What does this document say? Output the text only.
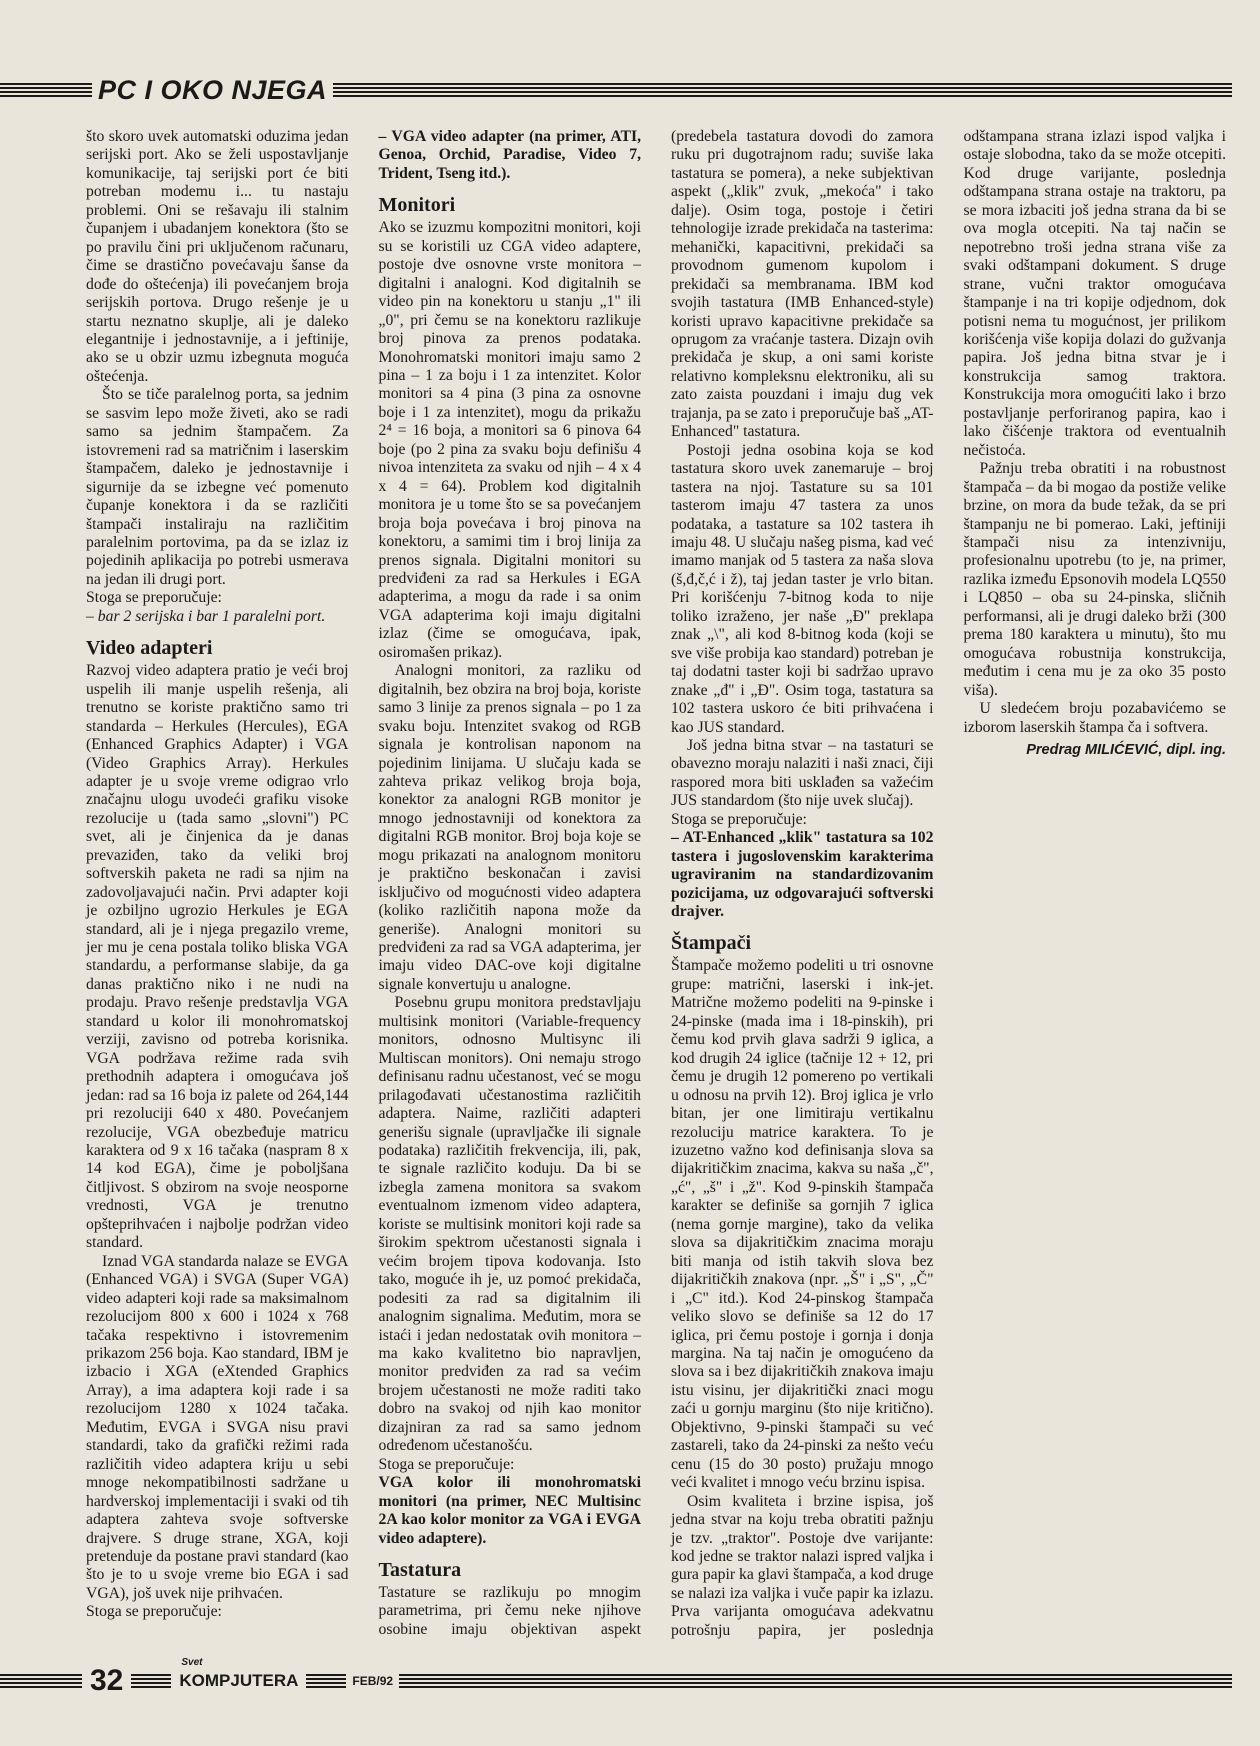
PC I OKO NJEGA

što skoro uvek automatski oduzima jedan serijski port. Ako se želi uspostavljanje komunikacije, taj serijski port će biti potreban modemu i... tu nastaju problemi. Oni se rešavaju ili stalnim čupanjem i ubadanjem konektora (što se po pravilu čini pri uključenom računaru, čime se drastično povećavaju šanse da dođe do oštećenja) ili povećanjem broja serijskih portova. Drugo rešenje je u startu neznatno skuplje, ali je daleko elegantnije i jednostavnije, a i jeftinije, ako se u obzir uzmu izbegnuta moguća oštećenja.

Što se tiče paralelnog porta, sa jednim se sasvim lepo može živeti, ako se radi samo sa jednim štampačem. Za istovremeni rad sa matričnim i laserskim štampačem, daleko je jednostavnije i sigurnije da se izbegne već pomenuto čupanje konektora i da se različiti štampači instaliraju na različitim paralelnim portovima, pa da se izlaz iz pojedinih aplikacija po potrebi usmerava na jedan ili drugi port.

Stoga se preporučuje:

– bar 2 serijska i bar 1 paralelni port.

Video adapteri

Razvoj video adaptera pratio je veći broj uspelih ili manje uspelih rešenja, ali trenutno se koriste praktično samo tri standarda – Herkules (Hercules), EGA (Enhanced Graphics Adapter) i VGA (Video Graphics Array). Herkules adapter je u svoje vreme odigrao vrlo značajnu ulogu uvodeći grafiku visoke rezolucije u (tada samo „slovni") PC svet, ali je činjenica da je danas prevaziđen, tako da veliki broj softverskih paketa ne radi sa njim na zadovoljavajući način. Prvi adapter koji je ozbiljno ugrozio Herkules je EGA standard, ali je i njega pregazilo vreme, jer mu je cena postala toliko bliska VGA standardu, a performanse slabije, da ga danas praktično niko i ne nudi na prodaju. Pravo rešenje predstavlja VGA standard u kolor ili monohromatskoj verziji, zavisno od potreba korisnika. VGA podržava režime rada svih prethodnih adaptera i omogućava još jedan: rad sa 16 boja iz palete od 264,144 pri rezoluciji 640 x 480. Povećanjem rezolucije, VGA obezbeđuje matricu karaktera od 9 x 16 tačaka (naspram 8 x 14 kod EGA), čime je poboljšana čitljivost. S obzirom na svoje neosporne vrednosti, VGA je trenutno opšteprihvaćen i najbolje podržan video standard.

Iznad VGA standarda nalaze se EVGA (Enhanced VGA) i SVGA (Super VGA) video adapteri koji rade sa maksimalnom rezolucijom 800 x 600 i 1024 x 768 tačaka respektivno i istovremenim prikazom 256 boja. Kao standard, IBM je izbacio i XGA (eXtended Graphics Array), a ima adaptera koji rade i sa rezolucijom 1280 x 1024 tačaka. Međutim, EVGA i SVGA nisu pravi standardi, tako da grafički režimi rada različitih video adaptera kriju u sebi mnoge nekompatibilnosti sadržane u hardverskoj implementaciji i svaki od tih adaptera zahteva svoje softverske drajvere. S druge strane, XGA, koji pretenduje da postane pravi standard (kao što je to u svoje vreme bio EGA i sad VGA), još uvek nije prihvaćen.

Stoga se preporučuje:

– VGA video adapter (na primer, ATI, Genoa, Orchid, Paradise, Video 7, Trident, Tseng itd.).

Monitori

Ako se izuzmu kompozitni monitori, koji su se koristili uz CGA video adaptere, postoje dve osnovne vrste monitora – digitalni i analogni. Kod digitalnih se video pin na konektoru u stanju „1" ili „0", pri čemu se na konektoru razlikuje broj pinova za prenos podataka. Monohromatski monitori imaju samo 2 pina – 1 za boju i 1 za intenzitet. Kolor monitori sa 4 pina (3 pina za osnovne boje i 1 za intenzitet), mogu da prikažu 2⁴ = 16 boja, a monitori sa 6 pinova 64 boje (po 2 pina za svaku boju definišu 4 nivoa intenziteta za svaku od njih – 4 x 4 x 4 = 64). Problem kod digitalnih monitora je u tome što se sa povećanjem broja boja povećava i broj pinova na konektoru, a samimi tim i broj linija za prenos signala. Digitalni monitori su predviđeni za rad sa Herkules i EGA adapterima, a mogu da rade i sa onim VGA adapterima koji imaju digitalni izlaz (čime se omogućava, ipak, osiromašen prikaz).

Analogni monitori, za razliku od digitalnih, bez obzira na broj boja, koriste samo 3 linije za prenos signala – po 1 za svaku boju. Intenzitet svakog od RGB signala je kontrolisan naponom na pojedinim linijama. U slučaju kada se zahteva prikaz velikog broja boja, konektor za analogni RGB monitor je mnogo jednostavniji od konektora za digitalni RGB monitor. Broj boja koje se mogu prikazati na analognom monitoru je praktično beskonačan i zavisi isključivo od mogućnosti video adaptera (koliko različitih napona može da generiše). Analogni monitori su predviđeni za rad sa VGA adapterima, jer imaju video DAC-ove koji digitalne signale konvertuju u analogne.

Posebnu grupu monitora predstavljaju multisink monitori (Variable-frequency monitors, odnosno Multisync ili Multiscan monitors). Oni nemaju strogo definisanu radnu učestanost, već se mogu prilagođavati učestanostima različitih adaptera. Naime, različiti adapteri generišu signale (upravljačke ili signale podataka) različitih frekvencija, ili, pak, te signale različito koduju. Da bi se izbegla zamena monitora sa svakom eventualnom izmenom video adaptera, koriste se multisink monitori koji rade sa širokim spektrom učestanosti signala i većim brojem tipova kodovanja. Isto tako, moguće ih je, uz pomoć prekidača, podesiti za rad sa digitalnim ili analognim signalima. Međutim, mora se istaći i jedan nedostatak ovih monitora – ma kako kvalitetno bio napravljen, monitor predviđen za rad sa većim brojem učestanosti ne može raditi tako dobro na svakoj od njih kao monitor dizajniran za rad sa samo jednom određenom učestanošću.

Stoga se preporučuje:

VGA kolor ili monohromatski monitori (na primer, NEC Multisinc 2A kao kolor monitor za VGA i EVGA video adaptere).

Tastatura

Tastature se razlikuju po mnogim parametrima, pri čemu neke njihove osobine imaju objektivan aspekt (predebela tastatura dovodi do zamora ruku pri dugotrajnom radu; suviše laka tastatura se pomera), a neke subjektivan aspekt („klik" zvuk, „mekoća" i tako dalje). Osim toga, postoje i četiri tehnologije izrade prekidača na tasterima: mehanički, kapacitivni, prekidači sa provodnom gumenom kupolom i prekidači sa membranama. IBM kod svojih tastatura (IMB Enhanced-style) koristi upravo kapacitivne prekidače sa oprugom za vraćanje tastera. Dizajn ovih prekidača je skup, a oni sami koriste relativno kompleksnu elektroniku, ali su zato zaista pouzdani i imaju dug vek trajanja, pa se zato i preporučuje baš „AT-Enhanced" tastatura.

Postoji jedna osobina koja se kod tastatura skoro uvek zanemaruje – broj tastera na njoj. Tastature su sa 101 tasterom imaju 47 tastera za unos podataka, a tastature sa 102 tastera ih imaju 48. U slučaju našeg pisma, kad već imamo manjak od 5 tastera za naša slova (š,đ,č,ć i ž), taj jedan taster je vrlo bitan. Pri korišćenju 7-bitnog koda to nije toliko izraženo, jer naše „Đ" preklapa znak „\", ali kod 8-bitnog koda (koji se sve više probija kao standard) potreban je taj dodatni taster koji bi sadržao upravo znake „đ" i „Đ". Osim toga, tastatura sa 102 tastera uskoro će biti prihvaćena i kao JUS standard.

Još jedna bitna stvar – na tastaturi se obavezno moraju nalaziti i naši znaci, čiji raspored mora biti usklađen sa važećim JUS standardom (što nije uvek slučaj).

Stoga se preporučuje:

– AT-Enhanced „klik" tastatura sa 102 tastera i jugoslovenskim karakterima ugraviranim na standardizovanim pozicijama, uz odgovarajući softverski drajver.

Štampači

Štampače možemo podeliti u tri osnovne grupe: matrični, laserski i ink-jet. Matrične možemo podeliti na 9-pinske i 24-pinske (mada ima i 18-pinskih), pri čemu kod prvih glava sadrži 9 iglica, a kod drugih 24 iglice (tačnije 12 + 12, pri čemu je drugih 12 pomereno po vertikali u odnosu na prvih 12). Broj iglica je vrlo bitan, jer one limitiraju vertikalnu rezoluciju matrice karaktera. To je izuzetno važno kod definisanja slova sa dijakritičkim znacima, kakva su naša „č", „ć", „š" i „ž". Kod 9-pinskih štampača karakter se definiše sa gornjih 7 iglica (nema gornje margine), tako da velika slova sa dijakritičkim znacima moraju biti manja od istih takvih slova bez dijakritičkih znakova (npr. „Š" i „S", „Č" i „C" itd.). Kod 24-pinskog štampača veliko slovo se definiše sa 12 do 17 iglica, pri čemu postoje i gornja i donja margina. Na taj način je omogućeno da slova sa i bez dijakritičkih znakova imaju istu visinu, jer dijakritički znaci mogu zaći u gornju marginu (što nije kritično). Objektivno, 9-pinski štampači su već zastareli, tako da 24-pinski za nešto veću cenu (15 do 30 posto) pružaju mnogo veći kvalitet i mnogo veću brzinu ispisa.

Osim kvaliteta i brzine ispisa, još jedna stvar na koju treba obratiti pažnju je tzv. „traktor". Postoje dve varijante: kod jedne se traktor nalazi ispred valjka i gura papir ka glavi štampača, a kod druge se nalazi iza valjka i vuče papir ka izlazu. Prva varijanta omogućava adekvatnu potrošnju papira, jer poslednja odštampana strana izlazi ispod valjka i ostaje slobodna, tako da se može otcepiti. Kod druge varijante, poslednja odštampana strana ostaje na traktoru, pa se mora izbaciti još jedna strana da bi se ova mogla otcepiti. Na taj način se nepotrebno troši jedna strana više za svaki odštampani dokument. S druge strane, vučni traktor omogućava štampanje i na tri kopije odjednom, dok potisni nema tu mogućnost, jer prilikom korišćenja više kopija dolazi do gužvanja papira. Još jedna bitna stvar je i konstrukcija samog traktora. Konstrukcija mora omogućiti lako i brzo postavljanje perforiranog papira, kao i lako čišćenje traktora od eventualnih nečistoća.

Pažnju treba obratiti i na robustnost štampača – da bi mogao da postiže velike brzine, on mora da bude težak, da se pri štampanju ne bi pomerao. Laki, jeftiniji štampači nisu za intenzivniju, profesionalnu upotrebu (to je, na primer, razlika između Epsonovih modela LQ550 i LQ850 – oba su 24-pinska, sličnih performansi, ali je drugi daleko brži (300 prema 180 karaktera u minutu), što mu omogućava robustnija konstrukcija, međutim i cena mu je za oko 35 posto viša).

U sledećem broju pozabavićemo se izborom laserskih štampa ča i softvera.

Predrag MILIĆEVIĆ, dipl. ing.

32
Svet
KOMPJUTERA	FEB/92
